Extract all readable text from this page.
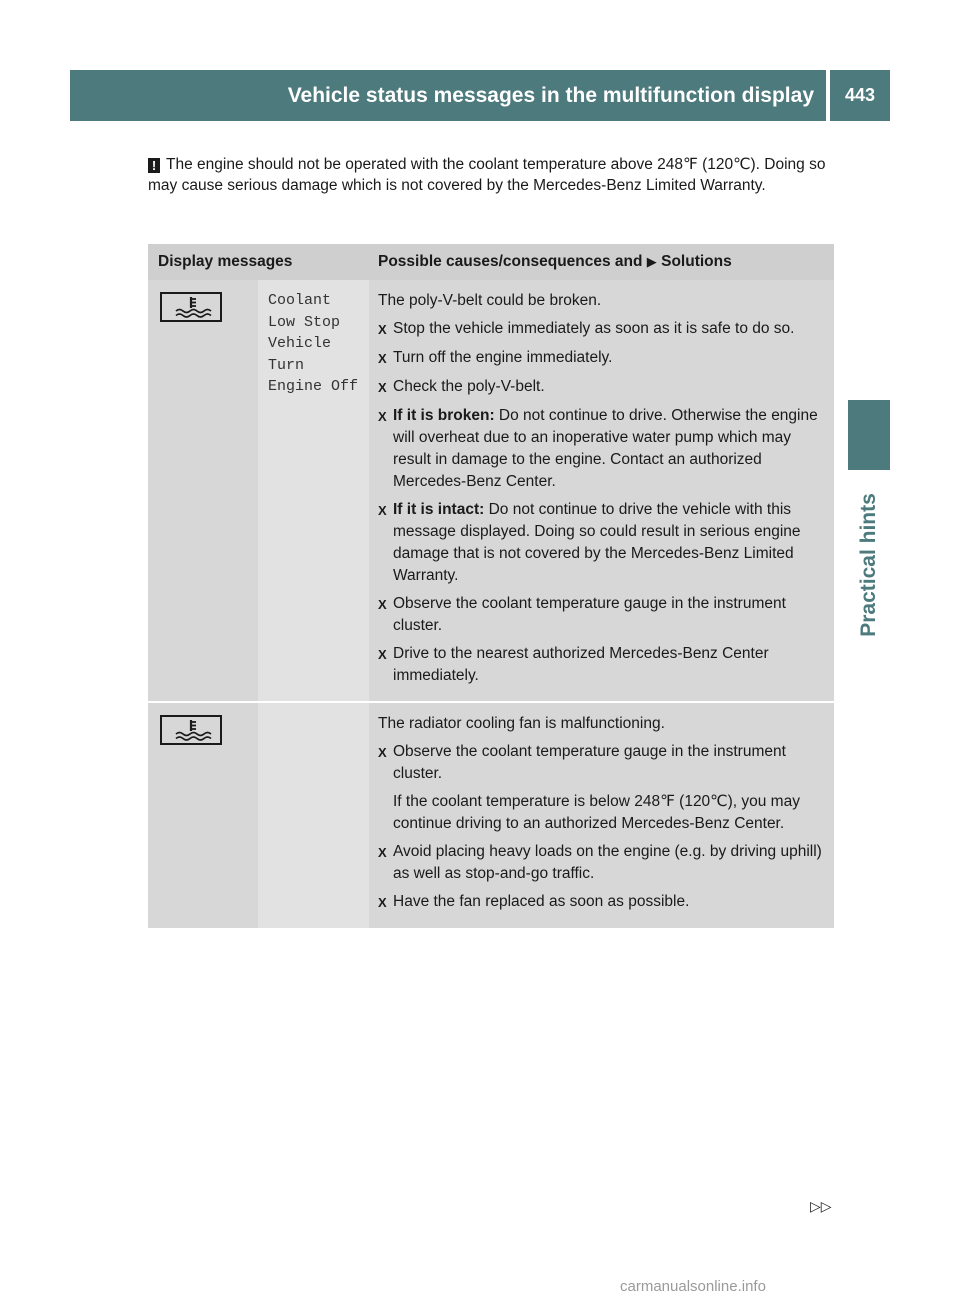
Vehicle status messages in the multifunction display	443
Practical hints
! The engine should not be operated with the coolant temperature above 248℉ (120℃). Doing so may cause serious damage which is not covered by the Mercedes-Benz Limited Warranty.
Display messages	Possible causes/consequences and ▶ Solutions
Coolant
Low Stop
Vehicle
Turn
Engine Off
The poly-V-belt could be broken.
X Stop the vehicle immediately as soon as it is safe to do so.
X Turn off the engine immediately.
X Check the poly-V-belt.
X If it is broken: Do not continue to drive. Otherwise the engine will overheat due to an inoperative water pump which may result in damage to the engine. Contact an authorized Mercedes-Benz Center.
X If it is intact: Do not continue to drive the vehicle with this message displayed. Doing so could result in serious engine damage that is not covered by the Mercedes-Benz Limited Warranty.
X Observe the coolant temperature gauge in the instrument cluster.
X Drive to the nearest authorized Mercedes-Benz Center immediately.
The radiator cooling fan is malfunctioning.
X Observe the coolant temperature gauge in the instrument cluster.
If the coolant temperature is below 248℉ (120℃), you may continue driving to an authorized Mercedes-Benz Center.
X Avoid placing heavy loads on the engine (e.g. by driving uphill) as well as stop-and-go traffic.
X Have the fan replaced as soon as possible.
▷▷
carmanualsonline.info
